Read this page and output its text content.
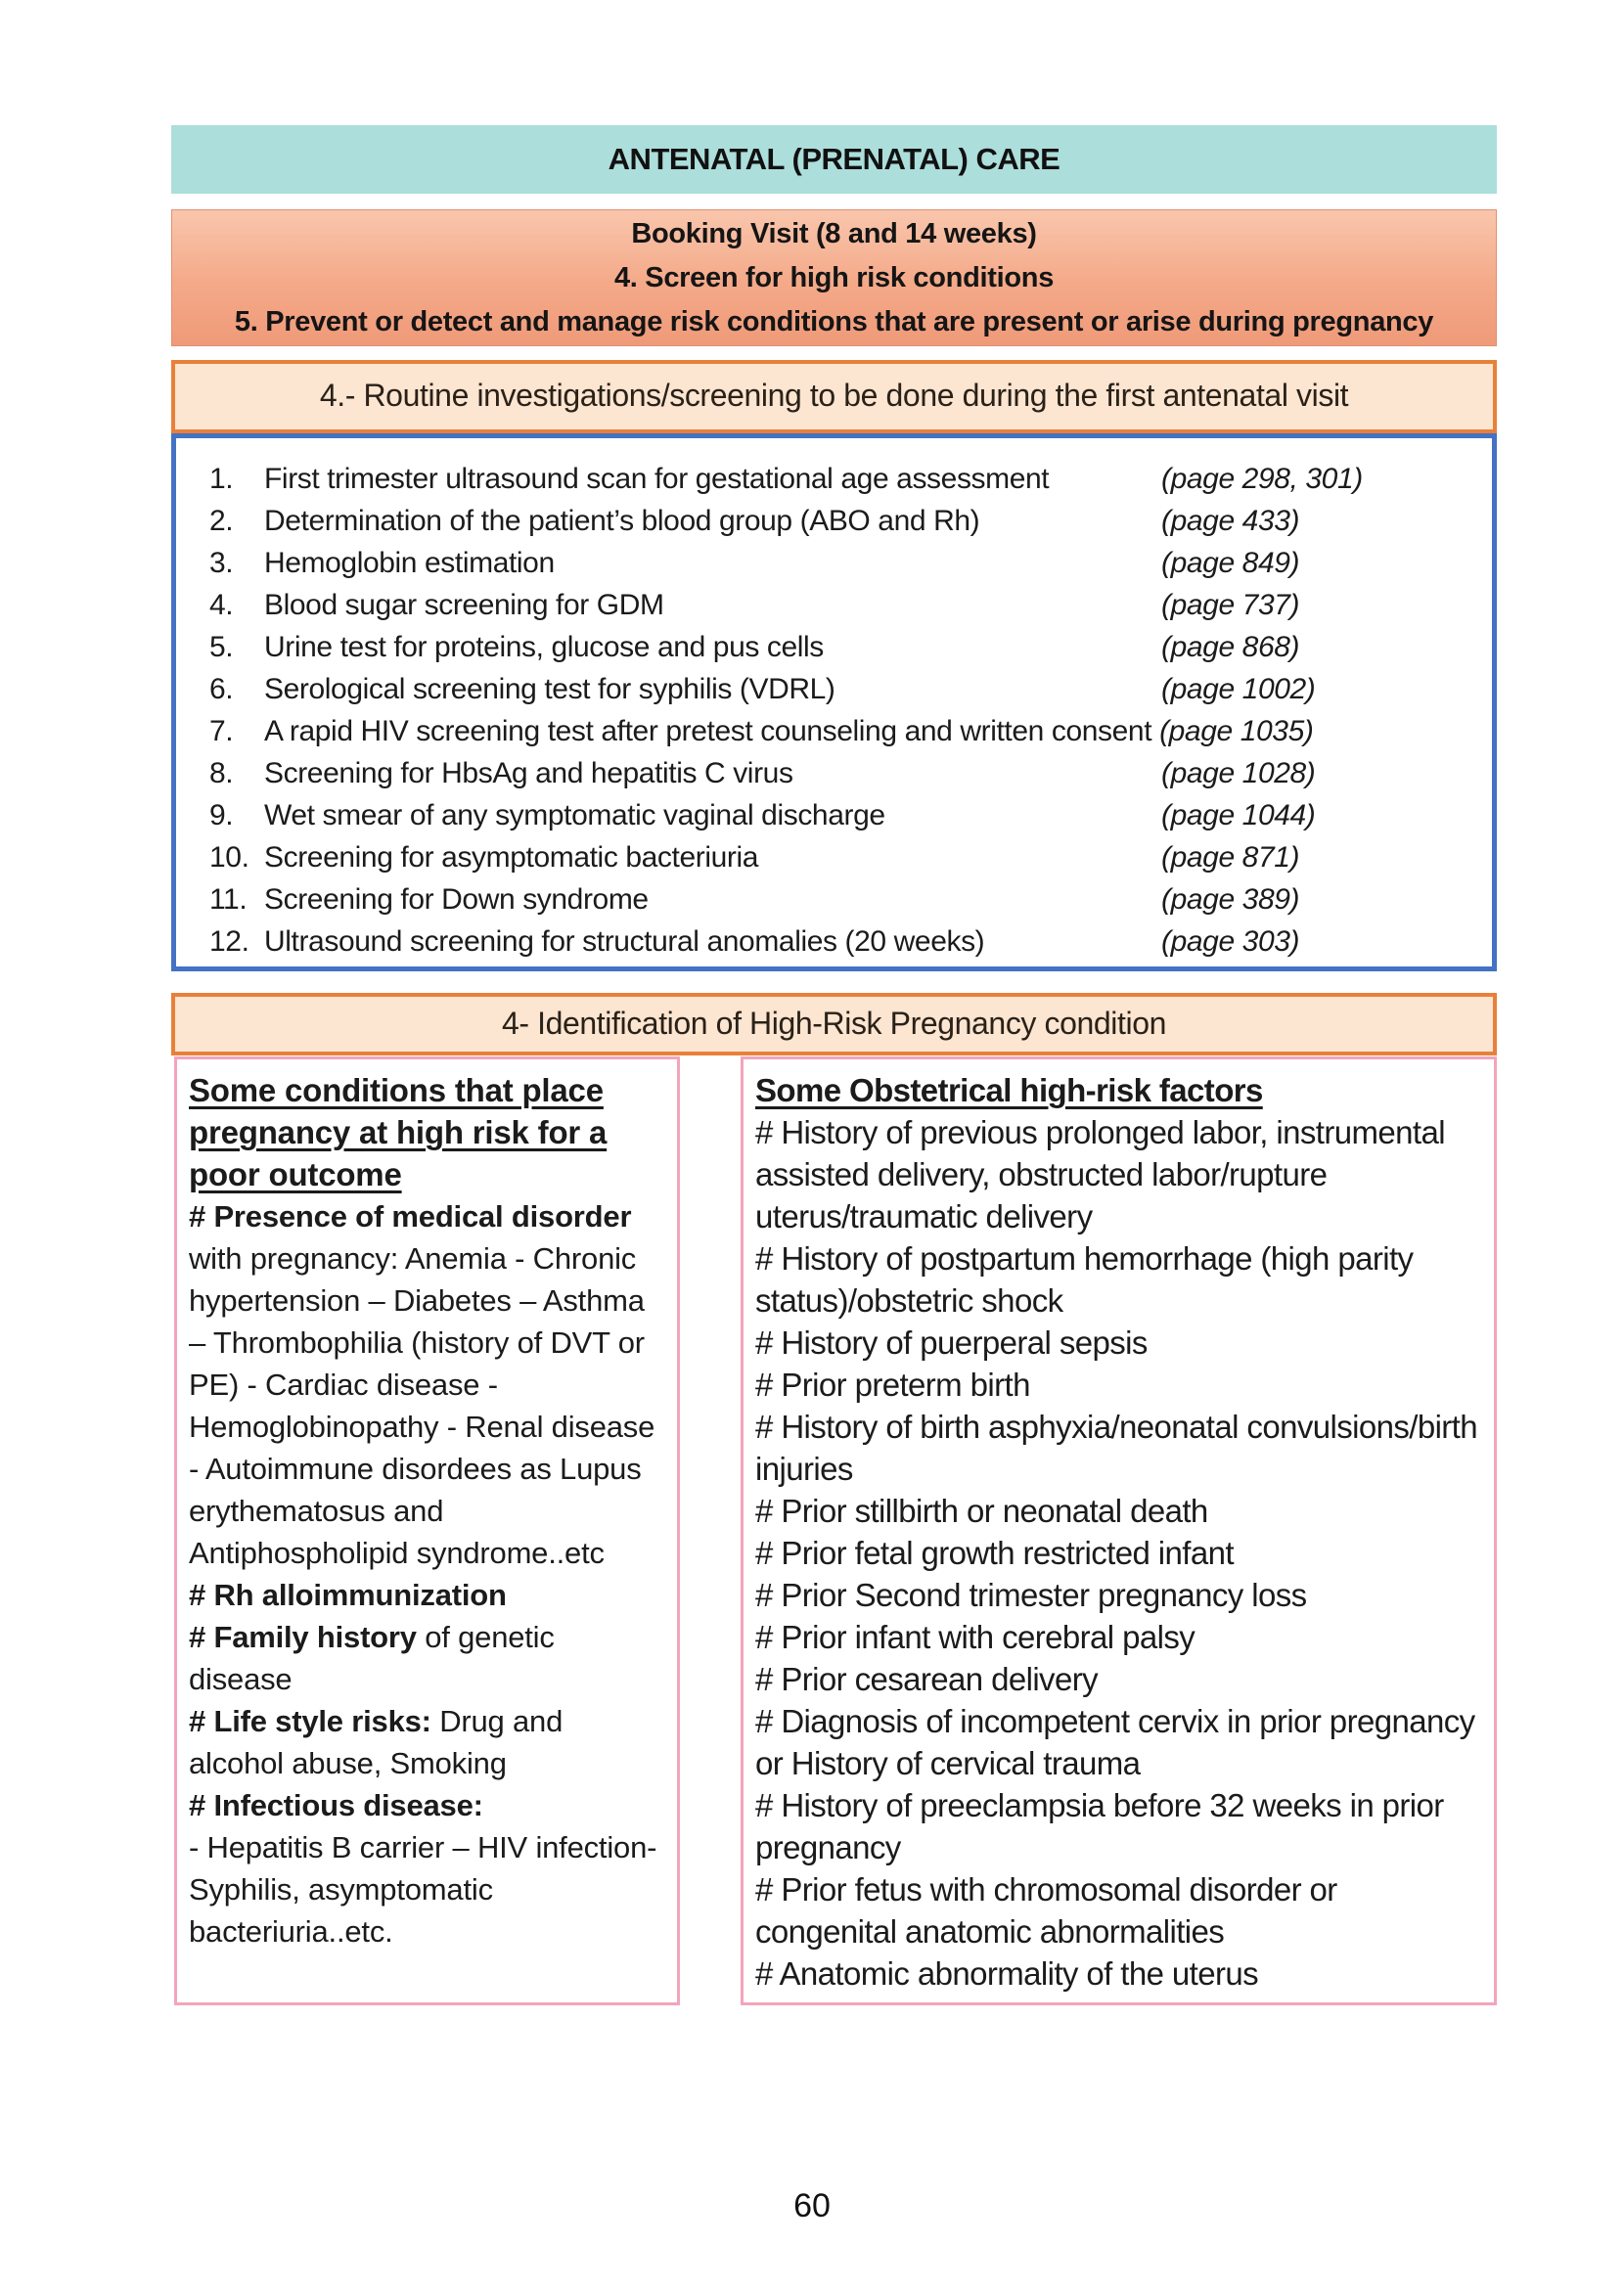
ANTENATAL (PRENATAL) CARE
Booking Visit (8 and 14 weeks)
4. Screen for high risk conditions
5. Prevent or detect and manage risk conditions that are present or arise during pregnancy
4.- Routine investigations/screening to be done during the first antenatal visit
1.	First trimester ultrasound scan for gestational age assessment	(page 298, 301)
2.	Determination of the patient’s blood group (ABO and Rh)	(page 433)
3.	Hemoglobin estimation	(page 849)
4.	Blood sugar screening for GDM	(page 737)
5.	Urine test for proteins, glucose and pus cells	(page 868)
6.	Serological screening test for syphilis (VDRL)	(page 1002)
7.	A rapid HIV screening test after pretest counseling and written consent (page 1035)
8.	Screening for HbsAg and hepatitis C virus	(page 1028)
9.	Wet smear of any symptomatic vaginal discharge	(page 1044)
10. Screening for asymptomatic bacteriuria	(page 871)
11. Screening for Down syndrome	(page 389)
12. Ultrasound screening for structural anomalies (20 weeks)	(page 303)
4- Identification of High-Risk Pregnancy condition

Some conditions that place pregnancy at high risk for a poor outcome

# Presence of medical disorder with pregnancy: Anemia - Chronic hypertension – Diabetes – Asthma – Thrombophilia (history of DVT or PE) - Cardiac disease - Hemoglobinopathy - Renal disease - Autoimmune disordees as Lupus erythematosus and Antiphospholipid syndrome..etc

# Rh alloimmunization

# Family history of genetic disease

# Life style risks: Drug and alcohol abuse, Smoking

# Infectious disease:

- Hepatitis B carrier – HIV infection- Syphilis, asymptomatic bacteriuria..etc.

Some Obstetrical high-risk factors

# History of previous prolonged labor, instrumental assisted delivery, obstructed labor/rupture uterus/traumatic delivery

# History of postpartum hemorrhage (high parity status)/obstetric shock

# History of puerperal sepsis

# Prior preterm birth

# History of birth asphyxia/neonatal convulsions/birth injuries

# Prior stillbirth or neonatal death

# Prior fetal growth restricted infant

# Prior Second trimester pregnancy loss

# Prior infant with cerebral palsy

# Prior cesarean delivery

# Diagnosis of incompetent cervix in prior pregnancy or History of cervical trauma

# History of preeclampsia before 32 weeks in prior pregnancy

# Prior fetus with chromosomal disorder or congenital anatomic abnormalities

# Anatomic abnormality of the uterus

60
